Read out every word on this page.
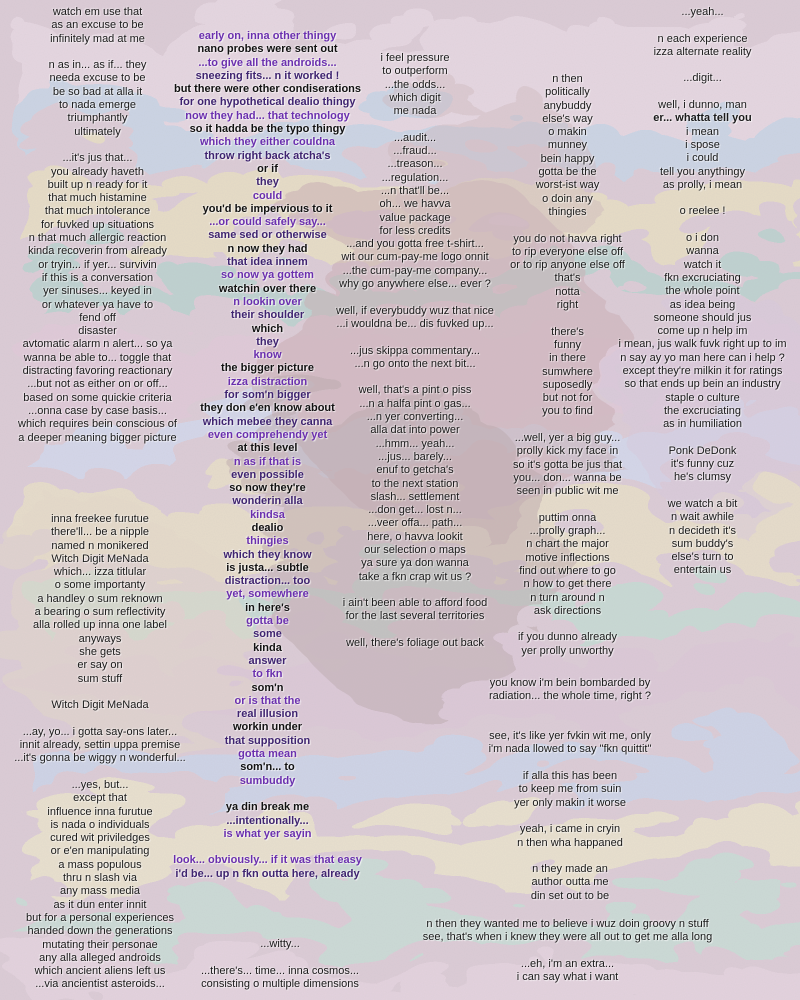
watch em use that
as an excuse to be
infinitely mad at me
n as in... as if... they
needa excuse to be
be so bad at alla it
to nada emerge
triumphantly
ultimately
...it's jus that...
you already haveth
built up n ready for it
that much histamine
that much intolerance
for fuvked up situations
n that much allergic reaction
kinda recoverin from already
or tryin... if yer... survivin
if this is a conversation
yer sinuses... keyed in
or whatever ya have to
fend off
disaster
avtomatic alarm n alert... so ya
wanna be able to... toggle that
distracting favoring reactionary
...but not as either on or off...
based on some quickie criteria
...onna case by case basis...
which requires bein conscious of
a deeper meaning bigger picture
inna freekee furutue
there'll... be a nipple
named n monikered
Witch Digit MeNada
which... izza titlular
o some importanty
a handley o sum reknown
a bearing o sum reflectivity
alla rolled up inna one label
anyways
she gets
er say on
sum stuff
Witch Digit MeNada
...ay, yo... i gotta say-ons later...
innit already, settin uppa premise
...it's gonna be wiggy n wonderful...
...yes, but...
except that
influence inna furutue
is nada o individuals
cured wit priviledges
or e'en manipulating
a mass populous
thru n slash via
any mass media
as it dun enter innit
but for a personal experiences
handed down the generations
mutating their personae
any alla alleged androids
which ancient aliens left us
...via ancientist asteroids...
early on, inna other thingy
nano probes were sent out
...to give all the androids...
sneezing fits... n it worked !
but there were other condiserations
for one hypothetical dealio thingy
now they had... that technology
so it hadda be the typo thingy
which they either couldna
throw right back atcha's
or if
they
could
you'd be impervious to it
...or could safely say...
same sed or otherwise
n now they had
that idea innem
so now ya gottem
watchin over there
n lookin over
their shoulder
which
they
know
the bigger picture
izza distraction
for som'n bigger
they don e'en know about
which mebee they canna
even comprehendy yet
at this level
n as if that is
even possible
so now they're
wonderin alla
kindsa
dealio
thingies
which they know
is justa... subtle
distraction... too
yet, somewhere
in here's
gotta be
some
kinda
answer
to fkn
som'n
or is that the
real illusion
workin under
that supposition
gotta mean
som'n... to
sumbuddy
ya din break me
...intentionally...
is what yer sayin
look... obviously... if it was that easy
i'd be... up n fkn outta here, already
...witty...
...there's... time... inna cosmos...
consisting o multiple dimensions
i feel pressure
to outperform
...the odds...
which digit
me nada
...audit...
...fraud...
...treason...
...regulation...
...n that'll be...
oh... we havva
value package
for less credits
...and you gotta free t-shirt...
wit our cum-pay-me logo onnit
...the cum-pay-me company...
why go anywhere else... ever ?
well, if everybuddy wuz that nice
...i wouldna be... dis fuvked up...
...jus skippa commentary...
...n go onto the next bit...
well, that's a pint o piss
...n a halfa pint o gas...
...n yer converting...
alla dat into power
...hmm... yeah...
...jus... barely...
enuf to getcha's
to the next station
slash... settlement
...don get... lost n...
...veer offa... path...
here, o havva lookit
our selection o maps
ya sure ya don wanna
take a fkn crap wit us ?
i ain't been able to afford food
for the last several territories
well, there's foliage out back
n then
politically
anybuddy
else's way
o makin
munney
bein happy
gotta be the
worst-ist way
o doin any
thingies
you do not havva right
to rip everyone else off
or to rip anyone else off
that's
notta
right
there's
funny
in there
sumwhere
suposedly
but not for
you to find
...well, yer a big guy...
prolly kick my face in
so it's gotta be jus that
you... don... wanna be
seen in public wit me
puttim onna
...prolly graph...
n chart the major
motive inflections
find out where to go
n how to get there
n turn around n
ask directions
if you dunno already
yer prolly unworthy
you know i'm bein bombarded by
radiation... the whole time, right ?
see, it's like yer fvkin wit me, only
i'm nada llowed to say "fkn quittit"
if alla this has been
to keep me from suin
yer only makin it worse
yeah, i came in cryin
n then wha happaned
n they made an
author outta me
din set out to be
n then they wanted me to believe i wuz doin groovy n stuff
see, that's when i knew they were all out to get me alla long
...eh, i'm an extra...
i can say what i want
...yeah...
n each experience
izza alternate reality
...digit...
well, i dunno, man
er... whatta tell you
i mean
i spose
i could
tell you anythingy
as prolly, i mean
o reelee !
o i don
wanna
watch it
fkn excruciating
the whole point
as idea being
someone should jus
come up n help im
i mean, jus walk fuvk right up to im
n say ay yo man here can i help ?
except they're milkin it for ratings
so that ends up bein an industry
staple o culture
the excruciating
as in humiliation
Ponk DeDonk
it's funny cuz
he's clumsy
we watch a bit
n wait awhile
n decideth it's
sum buddy's
else's turn to
entertain us
